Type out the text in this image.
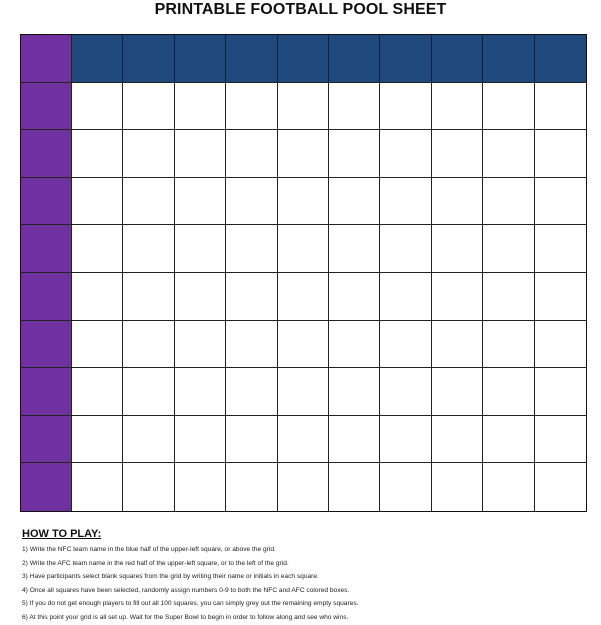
PRINTABLE FOOTBALL POOL SHEET
HOW TO PLAY:
1) Write the NFC team name in the blue half of the upper-left square, or above the grid.
2) Write the AFC team name in the red half of the upper-left square, or to the left of the grid.
3) Have participants select blank squares from the grid by writing their name or initials in each square.
4) Once all squares have been selected, randomly assign numbers 0-9 to both the NFC and AFC colored boxes.
5) If you do not get enough players to fill out all 100 squares, you can simply grey out the remaining empty squares.
6) At this point your grid is all set up. Wait for the Super Bowl to begin in order to follow along and see who wins.
